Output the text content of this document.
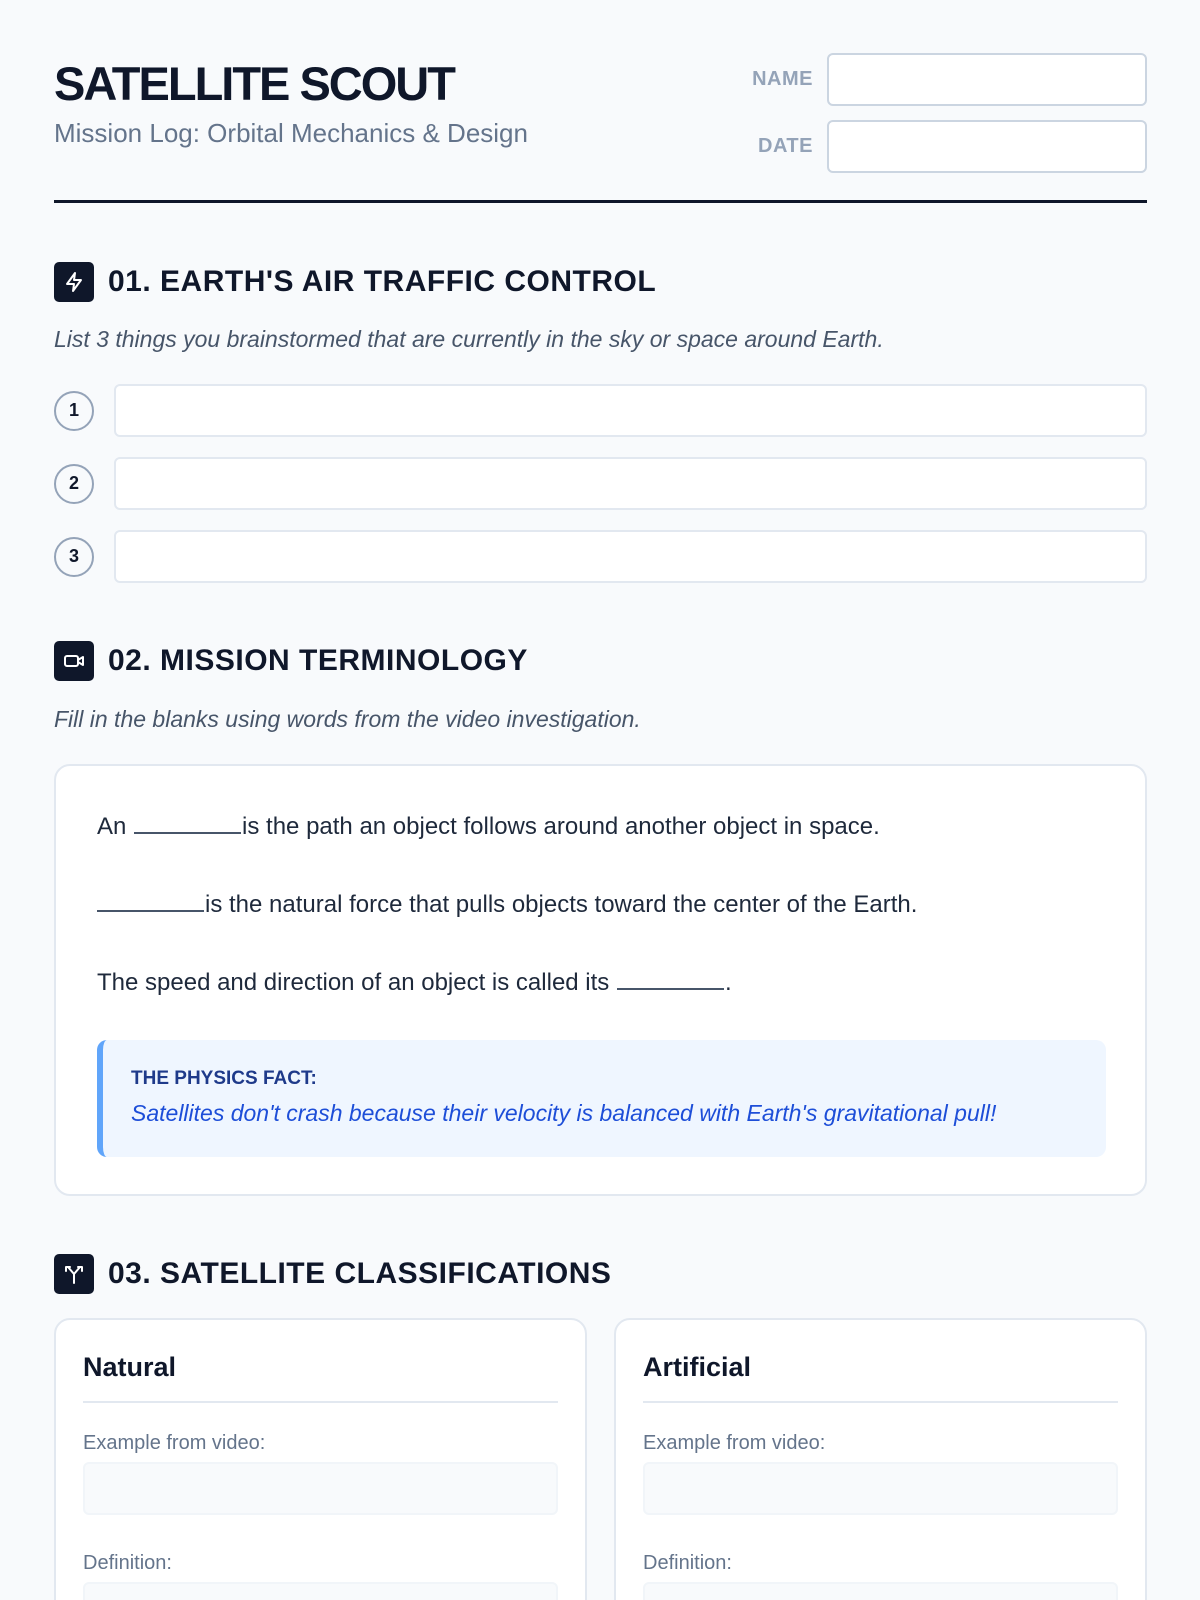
SATELLITE SCOUT
Mission Log: Orbital Mechanics & Design
NAME
DATE
01. EARTH'S AIR TRAFFIC CONTROL
List 3 things you brainstormed that are currently in the sky or space around Earth.
1
2
3
02. MISSION TERMINOLOGY
Fill in the blanks using words from the video investigation.
An	is the path an object follows around another object in space.
is the natural force that pulls objects toward the center of the Earth.
The speed and direction of an object is called its	.
THE PHYSICS FACT:
Satellites don't crash because their velocity is balanced with Earth's gravitational pull!
03. SATELLITE CLASSIFICATIONS
Natural
Example from video:
Definition:
Artificial
Example from video:
Definition:
